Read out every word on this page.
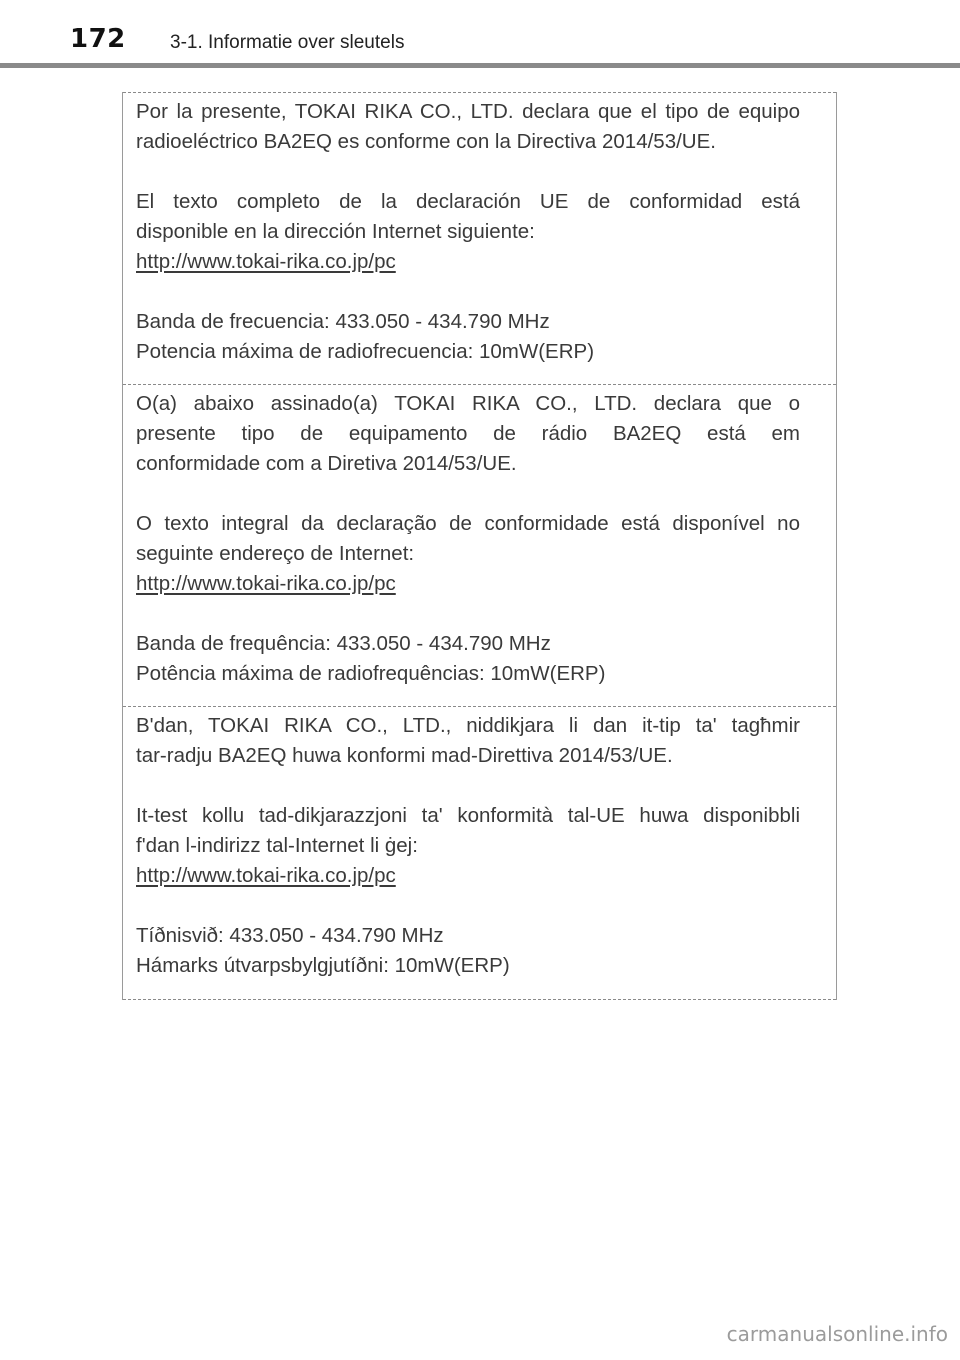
172 3-1. Informatie over sleutels
Por la presente, TOKAI RIKA CO., LTD. declara que el tipo de equipo
radioeléctrico BA2EQ es conforme con la Directiva 2014/53/UE.
El texto completo de la declaración UE de conformidad está
disponible en la dirección Internet siguiente:
http://www.tokai-rika.co.jp/pc
Banda de frecuencia: 433.050 - 434.790 MHz
Potencia máxima de radiofrecuencia: 10mW(ERP)
O(a) abaixo assinado(a) TOKAI RIKA CO., LTD. declara que o
presente tipo de equipamento de rádio BA2EQ está em
conformidade com a Diretiva 2014/53/UE.
O texto integral da declaração de conformidade está disponível no
seguinte endereço de Internet:
http://www.tokai-rika.co.jp/pc
Banda de frequência: 433.050 - 434.790 MHz
Potência máxima de radiofrequências: 10mW(ERP)
B'dan, TOKAI RIKA CO., LTD., niddikjara li dan it-tip ta' tagħmir
tar-radju BA2EQ huwa konformi mad-Direttiva 2014/53/UE.
It-test kollu tad-dikjarazzjoni ta' konformità tal-UE huwa disponibbli
f'dan l-indirizz tal-Internet li ġej:
http://www.tokai-rika.co.jp/pc
Tíðnisvið: 433.050 - 434.790 MHz
Hámarks útvarpsbylgjutíðni: 10mW(ERP)
carmanualsonline.info
